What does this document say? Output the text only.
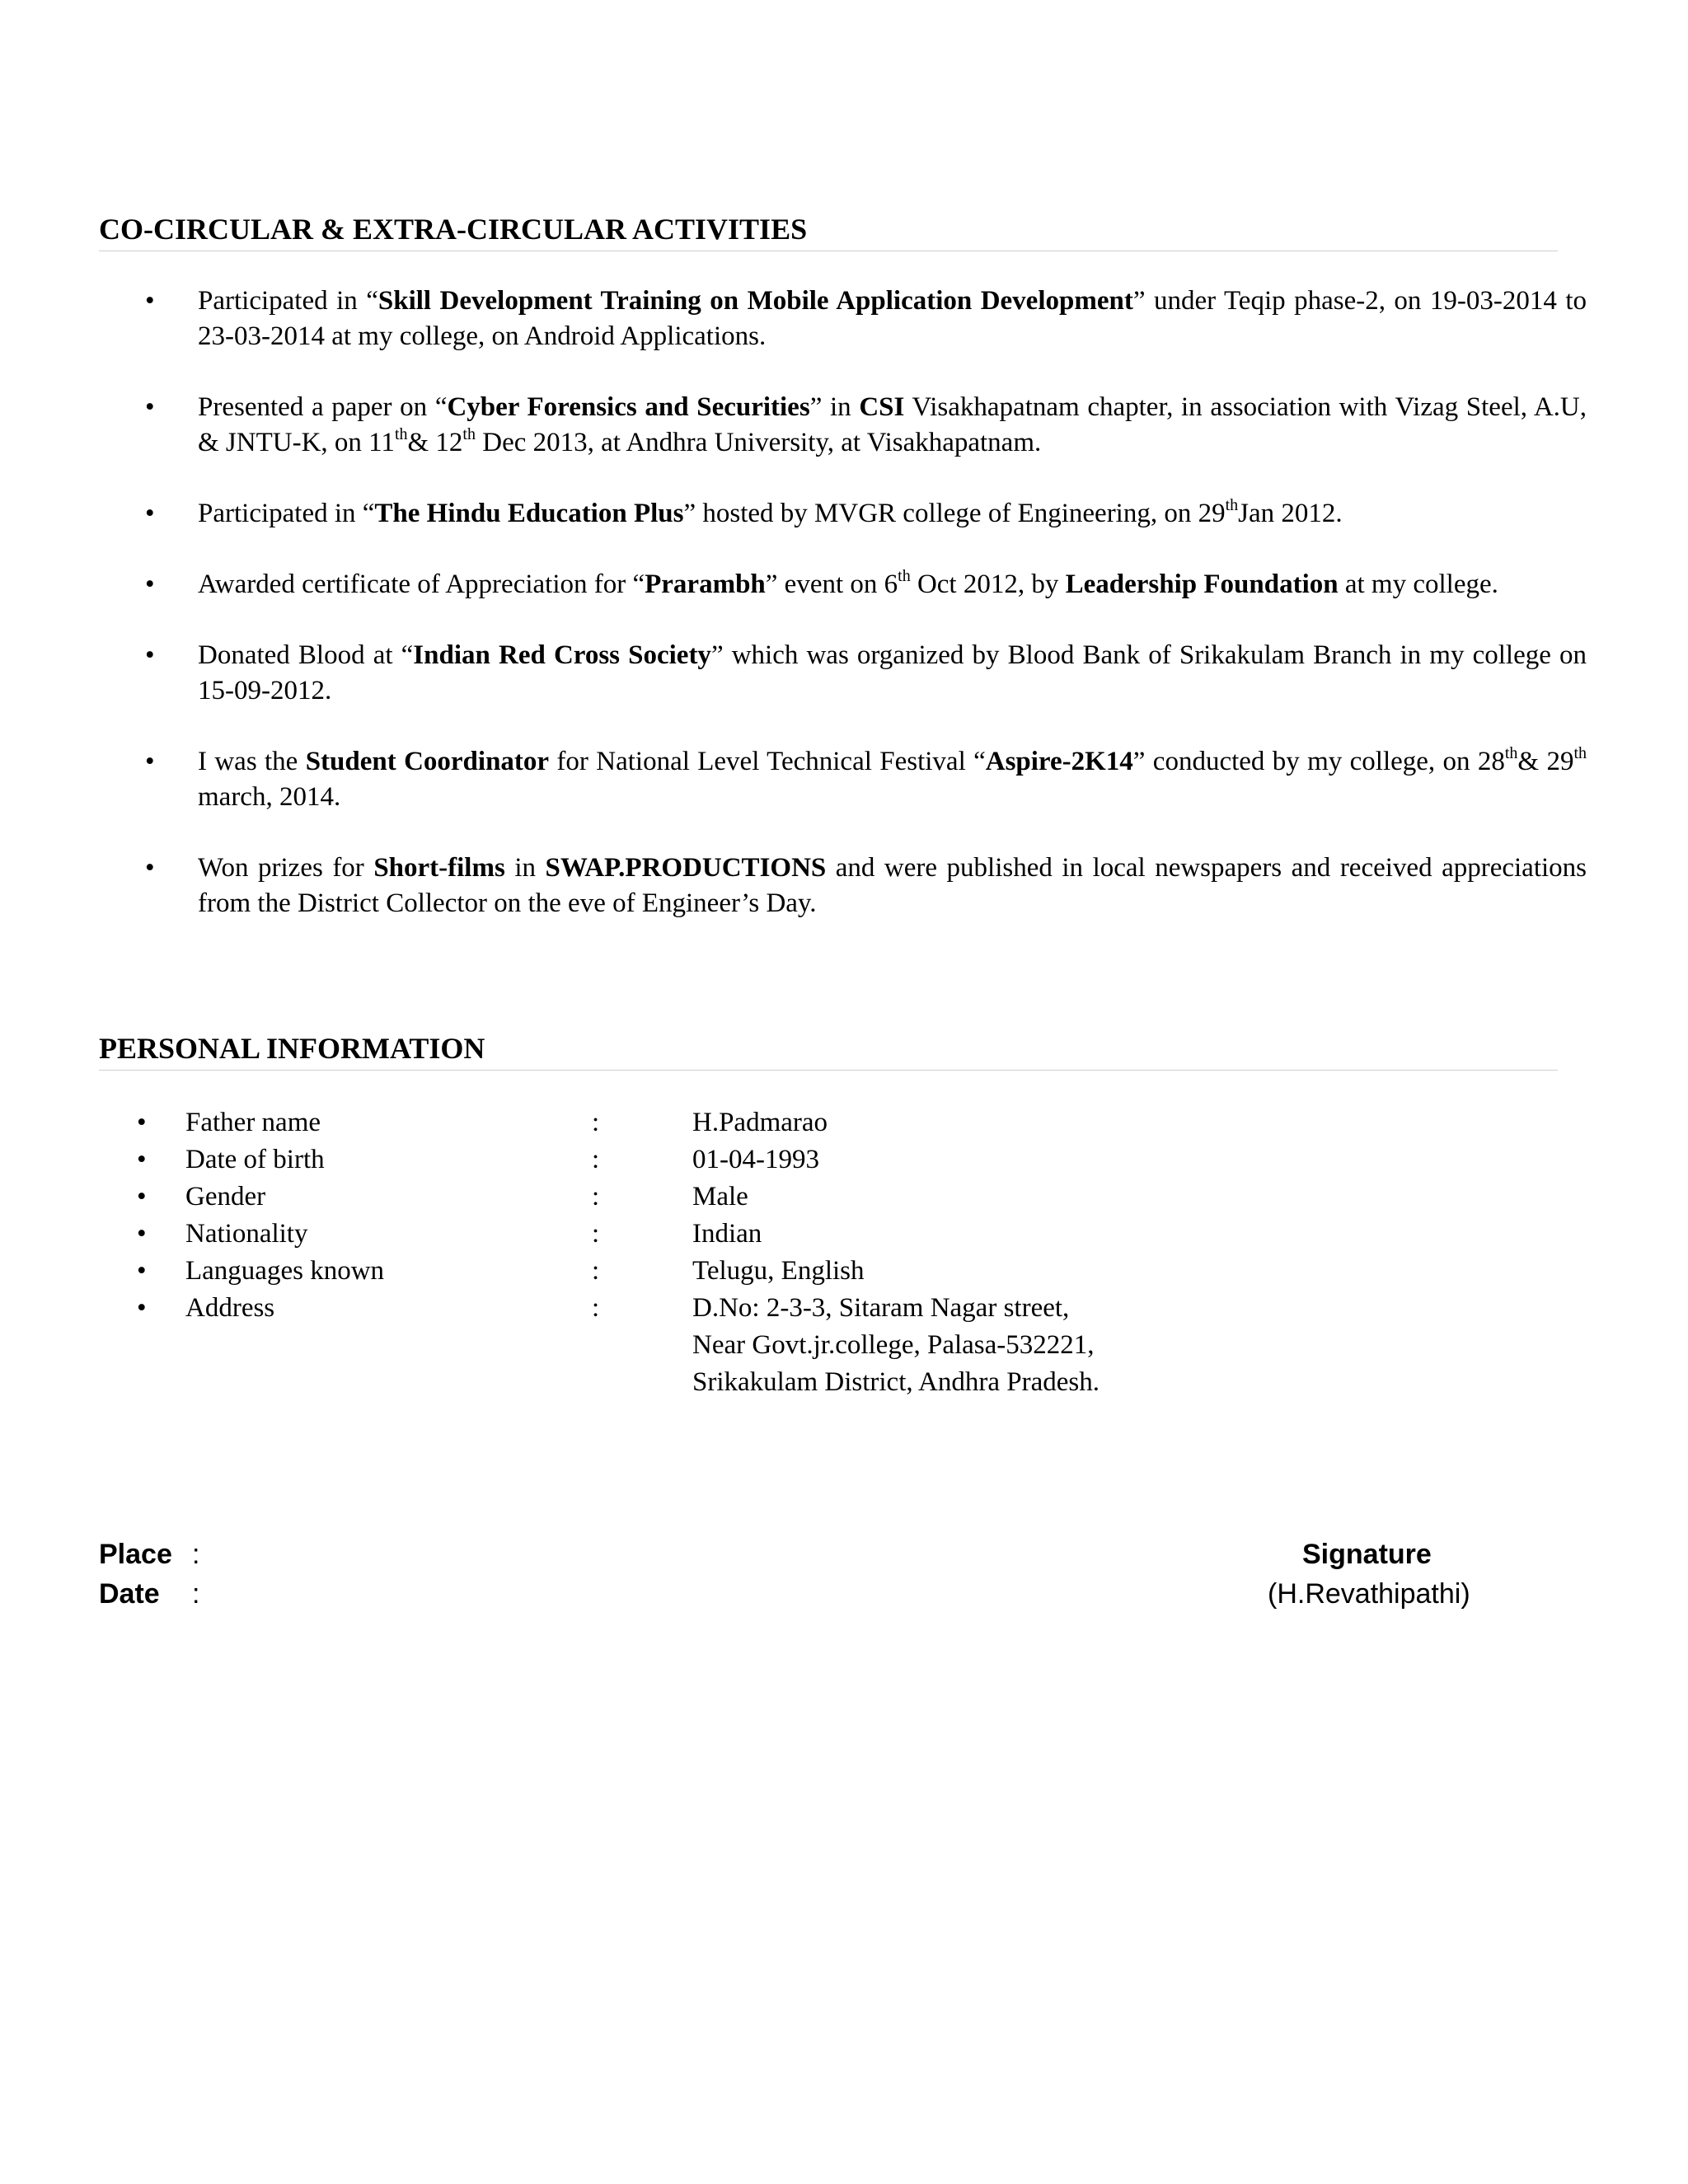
CO-CIRCULAR & EXTRA-CIRCULAR ACTIVITIES
• Participated in “Skill Development Training on Mobile Application Development” under Teqip phase-2, on 19-03-2014 to 23-03-2014 at my college, on Android Applications.
• Presented a paper on “Cyber Forensics and Securities” in CSI Visakhapatnam chapter, in association with Vizag Steel, A.U, & JNTU-K, on 11th& 12th Dec 2013, at Andhra University, at Visakhapatnam.
• Participated in “The Hindu Education Plus” hosted by MVGR college of Engineering, on 29thJan 2012.
• Awarded certificate of Appreciation for “Prarambh” event on 6th Oct 2012, by Leadership Foundation at my college.
• Donated Blood at “Indian Red Cross Society” which was organized by Blood Bank of Srikakulam Branch in my college on 15-09-2012.
• I was the Student Coordinator for National Level Technical Festival “Aspire-2K14” conducted by my college, on 28th& 29th march, 2014.
• Won prizes for Short-films in SWAP.PRODUCTIONS and were published in local newspapers and received appreciations from the District Collector on the eve of Engineer’s Day.
PERSONAL INFORMATION
• Father name	:	H.Padmarao
• Date of birth	:	01-04-1993
• Gender	:	Male
• Nationality	:	Indian
• Languages known	:	Telugu, English
• Address	:	D.No: 2-3-3, Sitaram Nagar street,
Near Govt.jr.college, Palasa-532221,
Srikakulam District, Andhra Pradesh.
Place :
Date :
Signature
(H.Revathipathi)
